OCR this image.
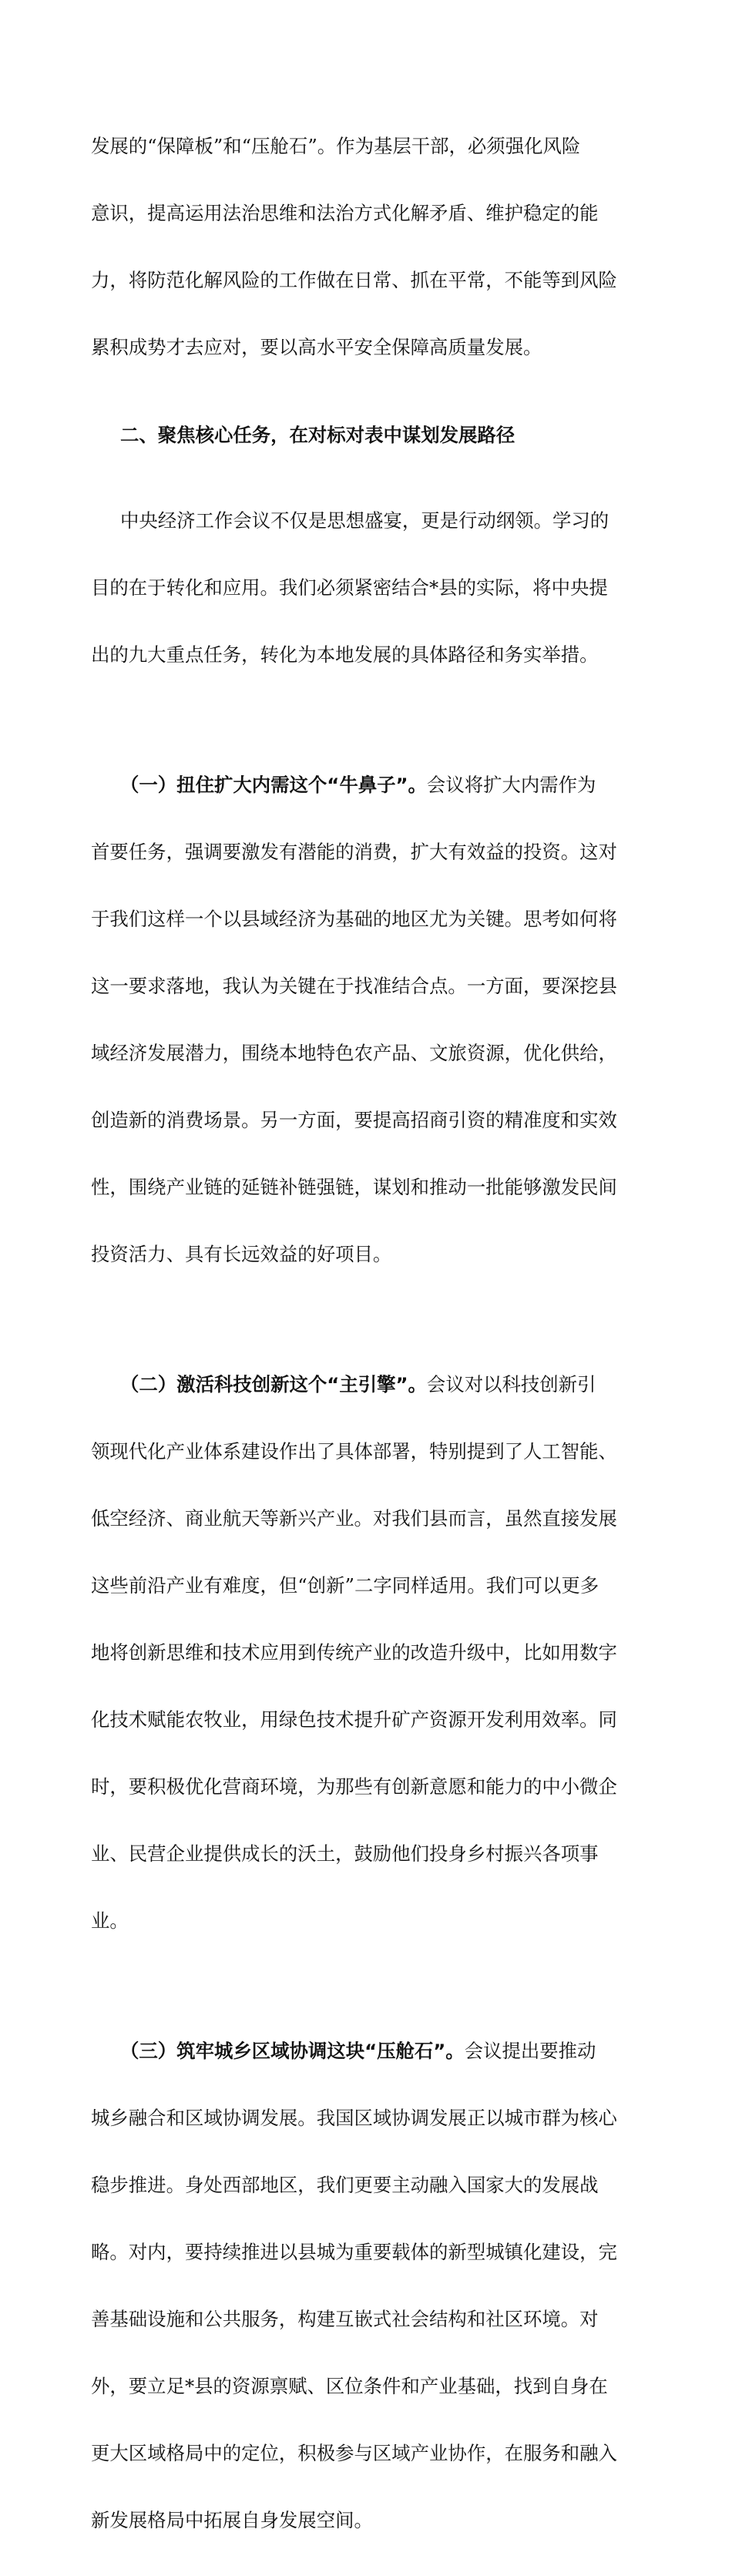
发展的“保障板”和“压舱石”。作为基层干部，必须强化风险

意识，提高运用法治思维和法治方式化解矛盾、维护稳定的能

力，将防范化解风险的工作做在日常、抓在平常，不能等到风险

累积成势才去应对，要以高水平安全保障高质量发展。

二、聚焦核心任务，在对标对表中谋划发展路径

中央经济工作会议不仅是思想盛宴，更是行动纲领。学习的

目的在于转化和应用。我们必须紧密结合*县的实际，将中央提

出的九大重点任务，转化为本地发展的具体路径和务实举措。

（一）扭住扩大内需这个“牛鼻子”。会议将扩大内需作为

首要任务，强调要激发有潜能的消费，扩大有效益的投资。这对

于我们这样一个以县域经济为基础的地区尤为关键。思考如何将

这一要求落地，我认为关键在于找准结合点。一方面，要深挖县

域经济发展潜力，围绕本地特色农产品、文旅资源，优化供给，

创造新的消费场景。另一方面，要提高招商引资的精准度和实效

性，围绕产业链的延链补链强链，谋划和推动一批能够激发民间

投资活力、具有长远效益的好项目。

（二）激活科技创新这个“主引擎”。会议对以科技创新引

领现代化产业体系建设作出了具体部署，特别提到了人工智能、

低空经济、商业航天等新兴产业。对我们县而言，虽然直接发展

这些前沿产业有难度，但“创新”二字同样适用。我们可以更多

地将创新思维和技术应用到传统产业的改造升级中，比如用数字

化技术赋能农牧业，用绿色技术提升矿产资源开发利用效率。同

时，要积极优化营商环境，为那些有创新意愿和能力的中小微企

业、民营企业提供成长的沃土，鼓励他们投身乡村振兴各项事

业。

（三）筑牢城乡区域协调这块“压舱石”。会议提出要推动

城乡融合和区域协调发展。我国区域协调发展正以城市群为核心

稳步推进。身处西部地区，我们更要主动融入国家大的发展战

略。对内，要持续推进以县城为重要载体的新型城镇化建设，完

善基础设施和公共服务，构建互嵌式社会结构和社区环境。对

外，要立足*县的资源禀赋、区位条件和产业基础，找到自身在

更大区域格局中的定位，积极参与区域产业协作，在服务和融入

新发展格局中拓展自身发展空间。
